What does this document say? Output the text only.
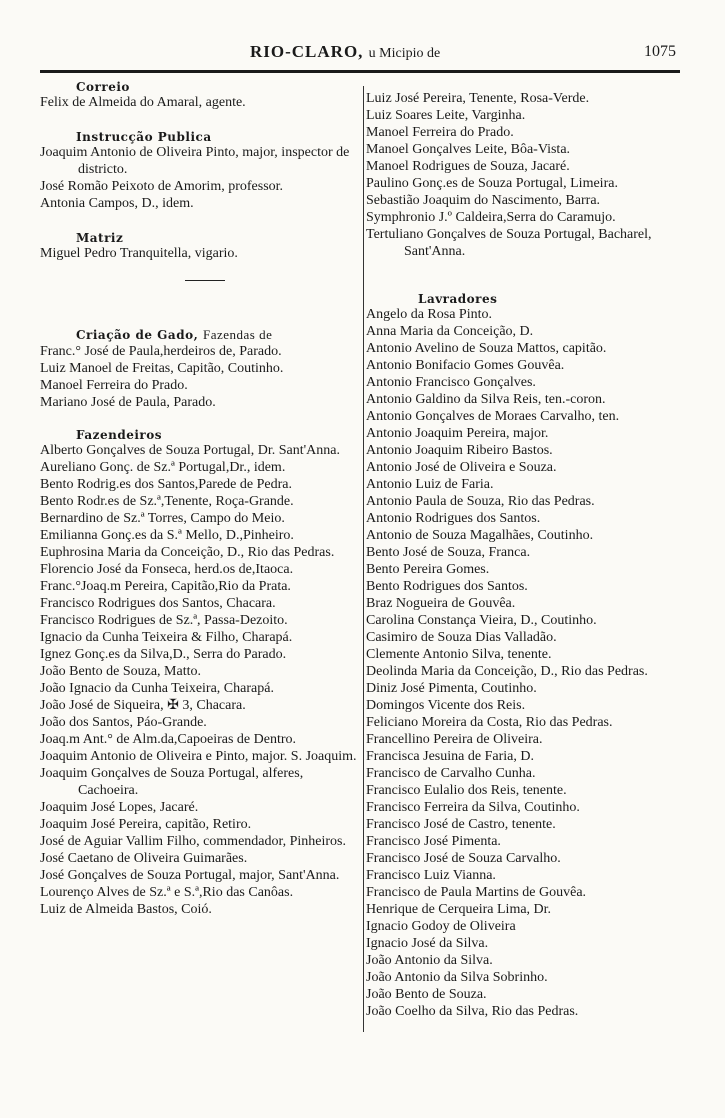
RIO-CLARO, u Micipio de	1075
Correio
Felix de Almeida do Amaral, agente.
Instrucção Publica
Joaquim Antonio de Oliveira Pinto, major, inspector de districto.
José Romão Peixoto de Amorim, professor.
Antonia Campos, D., idem.
Matriz
Miguel Pedro Tranquitella, vigario.
Criação de Gado, Fazendas de
Franc.° José de Paula,herdeiros de, Parado.
Luiz Manoel de Freitas, Capitão, Coutinho.
Manoel Ferreira do Prado.
Mariano José de Paula, Parado.
Fazendeiros
Alberto Gonçalves de Souza Portugal, Dr. Sant'Anna.
Aureliano Gonç. de Sz.ª Portugal,Dr., idem.
Bento Rodrig.es dos Santos,Parede de Pedra.
Bento Rodr.es de Sz.ª,Tenente, Roça-Grande.
Bernardino de Sz.ª Torres, Campo do Meio.
Emilianna Gonç.es da S.ª Mello, D.,Pinheiro.
Euphrosina Maria da Conceição, D., Rio das Pedras.
Florencio José da Fonseca, herd.os de,Itaoca.
Franc.°Joaq.m Pereira, Capitão,Rio da Prata.
Francisco Rodrigues dos Santos, Chacara.
Francisco Rodrigues de Sz.ª, Passa-Dezoito.
Ignacio da Cunha Teixeira & Filho, Charapá.
Ignez Gonç.es da Silva,D., Serra do Parado.
João Bento de Souza, Matto.
João Ignacio da Cunha Teixeira, Charapá.
João José de Siqueira, ✠ 3, Chacara.
João dos Santos, Páo-Grande.
Joaq.m Ant.° de Alm.da,Capoeiras de Dentro.
Joaquim Antonio de Oliveira e Pinto, major. S. Joaquim.
Joaquim Gonçalves de Souza Portugal, alferes, Cachoeira.
Joaquim José Lopes, Jacaré.
Joaquim José Pereira, capitão, Retiro.
José de Aguiar Vallim Filho, commendador, Pinheiros.
José Caetano de Oliveira Guimarães.
José Gonçalves de Souza Portugal, major, Sant'Anna.
Lourenço Alves de Sz.ª e S.ª,Rio das Canôas.
Luiz de Almeida Bastos, Coió.
Luiz José Pereira, Tenente, Rosa-Verde.
Luiz Soares Leite, Varginha.
Manoel Ferreira do Prado.
Manoel Gonçalves Leite, Bôa-Vista.
Manoel Rodrigues de Souza, Jacaré.
Paulino Gonç.es de Souza Portugal, Limeira.
Sebastião Joaquim do Nascimento, Barra.
Symphronio J.º Caldeira,Serra do Caramujo.
Tertuliano Gonçalves de Souza Portugal, Bacharel, Sant'Anna.
Lavradores
Angelo da Rosa Pinto.
Anna Maria da Conceição, D.
Antonio Avelino de Souza Mattos, capitão.
Antonio Bonifacio Gomes Gouvêa.
Antonio Francisco Gonçalves.
Antonio Galdino da Silva Reis, ten.-coron.
Antonio Gonçalves de Moraes Carvalho, ten.
Antonio Joaquim Pereira, major.
Antonio Joaquim Ribeiro Bastos.
Antonio José de Oliveira e Souza.
Antonio Luiz de Faria.
Antonio Paula de Souza, Rio das Pedras.
Antonio Rodrigues dos Santos.
Antonio de Souza Magalhães, Coutinho.
Bento José de Souza, Franca.
Bento Pereira Gomes.
Bento Rodrigues dos Santos.
Braz Nogueira de Gouvêa.
Carolina Constança Vieira, D., Coutinho.
Casimiro de Souza Dias Valladão.
Clemente Antonio Silva, tenente.
Deolinda Maria da Conceição, D., Rio das Pedras.
Diniz José Pimenta, Coutinho.
Domingos Vicente dos Reis.
Feliciano Moreira da Costa, Rio das Pedras.
Francellino Pereira de Oliveira.
Francisca Jesuina de Faria, D.
Francisco de Carvalho Cunha.
Francisco Eulalio dos Reis, tenente.
Francisco Ferreira da Silva, Coutinho.
Francisco José de Castro, tenente.
Francisco José Pimenta.
Francisco José de Souza Carvalho.
Francisco Luiz Vianna.
Francisco de Paula Martins de Gouvêa.
Henrique de Cerqueira Lima, Dr.
Ignacio Godoy de Oliveira
Ignacio José da Silva.
João Antonio da Silva.
João Antonio da Silva Sobrinho.
João Bento de Souza.
João Coelho da Silva, Rio das Pedras.
